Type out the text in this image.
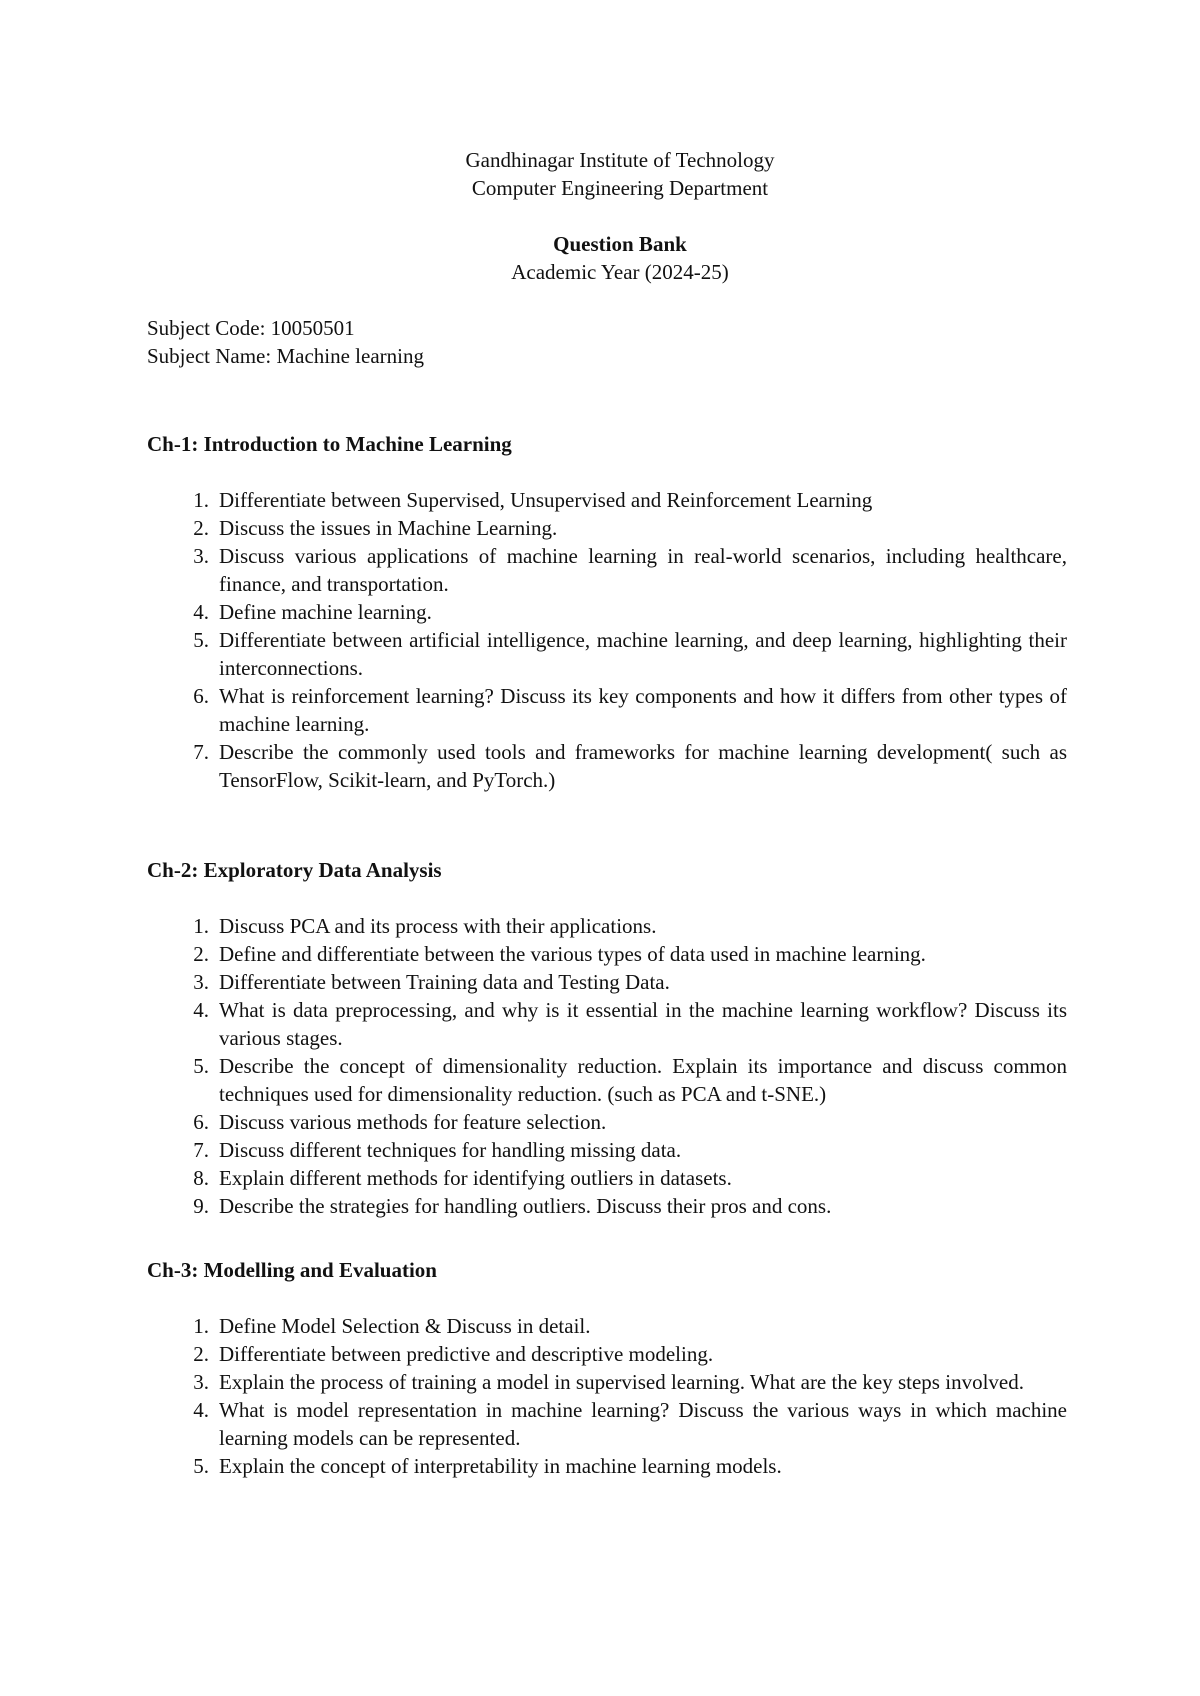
Gandhinagar Institute of Technology
Computer Engineering Department
Question Bank
Academic Year (2024-25)
Subject Code: 10050501
Subject Name: Machine learning
Ch-1: Introduction to Machine Learning
1. Differentiate between Supervised, Unsupervised and Reinforcement Learning
2. Discuss the issues in Machine Learning.
3. Discuss various applications of machine learning in real-world scenarios, including healthcare, finance, and transportation.
4. Define machine learning.
5. Differentiate between artificial intelligence, machine learning, and deep learning, highlighting their interconnections.
6. What is reinforcement learning? Discuss its key components and how it differs from other types of machine learning.
7. Describe the commonly used tools and frameworks for machine learning development( such as TensorFlow, Scikit-learn, and PyTorch.)
Ch-2: Exploratory Data Analysis
1. Discuss PCA and its process with their applications.
2. Define and differentiate between the various types of data used in machine learning.
3. Differentiate between Training data and Testing Data.
4. What is data preprocessing, and why is it essential in the machine learning workflow? Discuss its various stages.
5. Describe the concept of dimensionality reduction. Explain its importance and discuss common techniques used for dimensionality reduction. (such as PCA and t-SNE.)
6. Discuss various methods for feature selection.
7. Discuss different techniques for handling missing data.
8. Explain different methods for identifying outliers in datasets.
9. Describe the strategies for handling outliers. Discuss their pros and cons.
Ch-3: Modelling and Evaluation
1. Define Model Selection & Discuss in detail.
2. Differentiate between predictive and descriptive modeling.
3. Explain the process of training a model in supervised learning. What are the key steps involved.
4. What is model representation in machine learning? Discuss the various ways in which machine learning models can be represented.
5. Explain the concept of interpretability in machine learning models.
